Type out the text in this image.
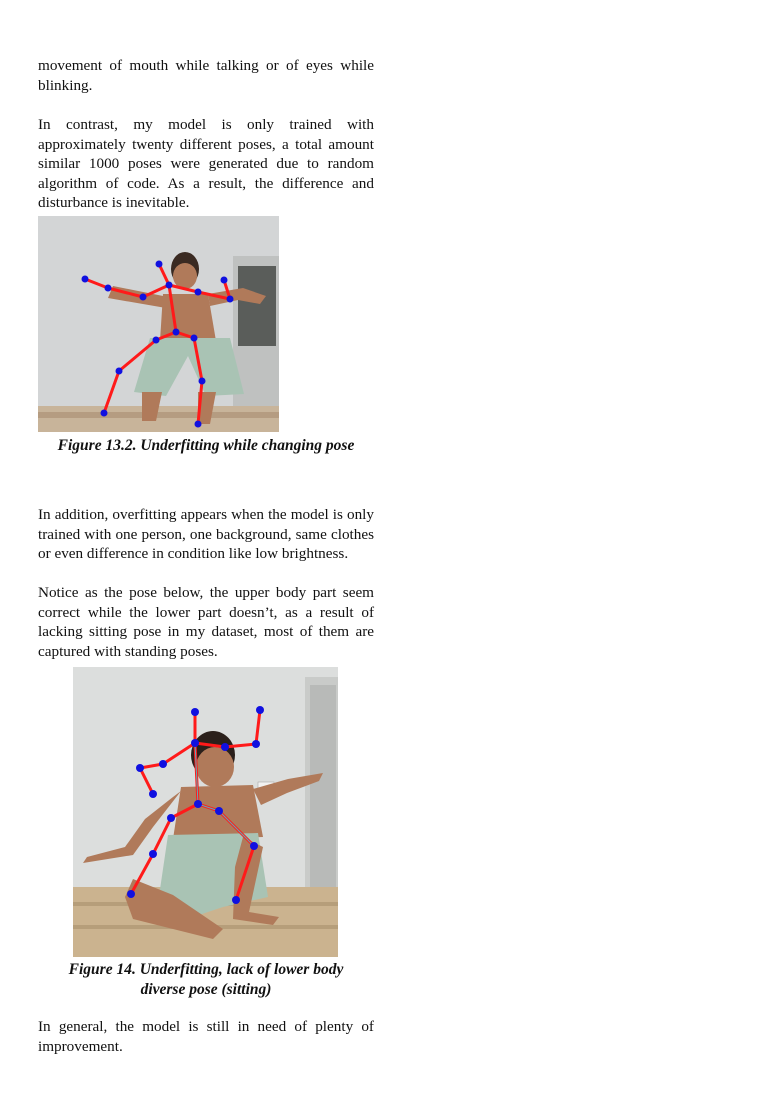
movement of mouth while talking or of eyes while blinking.

In contrast, my model is only trained with approximately twenty different poses, a total amount similar 1000 poses were generated due to random algorithm of code. As a result, the difference and disturbance is inevitable.

Figure 13.2. Underfitting while changing pose

In addition, overfitting appears when the model is only trained with one person, one background, same clothes or even difference in condition like low brightness.

Notice as the pose below, the upper body part seem correct while the lower part doesn’t, as a result of lacking sitting pose in my dataset, most of them are captured with standing poses.

Figure 14. Underfitting, lack of lower body

diverse pose (sitting)

In general, the model is still in need of plenty of improvement.
